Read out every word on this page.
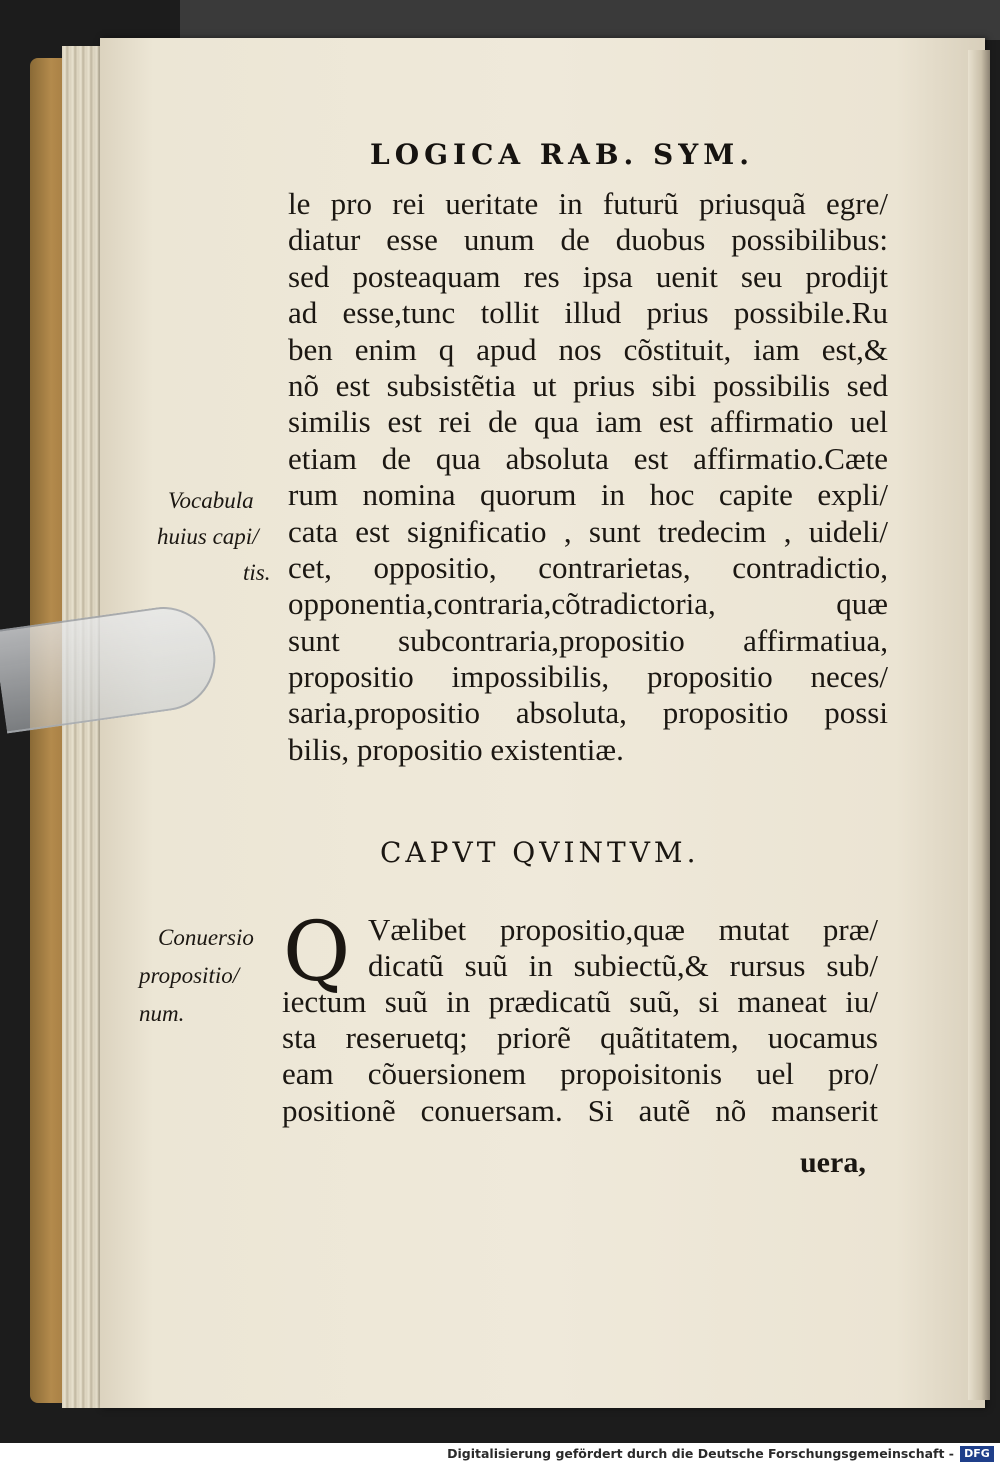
LOGICA RAB. SYM.
le pro rei ueritate in futurũ priusquã egre/
diatur esse unum de duobus possibilibus:
sed posteaquam res ipsa uenit seu prodijt
ad esse,tunc tollit illud prius possibile.Ru
ben enim q apud nos cõstituit, iam est,&
nõ est subsistẽtia ut prius sibi possibilis sed
similis est rei de qua iam est affirmatio uel
etiam de qua absoluta est affirmatio.Cæte
rum nomina quorum in hoc capite expli/
cata est significatio , sunt tredecim , uideli/
cet, oppositio, contrarietas, contradictio,
opponentia,contraria,cõtradictoria, quæ
sunt subcontraria,propositio affirmatiua,
propositio impossibilis, propositio neces/
saria,propositio absoluta, propositio possi
bilis, propositio existentiæ.
Vocabula
huius capi/
tis.
CAPVT QVINTVM.
Q Vælibet propositio,quæ mutat præ/
dicatũ suũ in subiectũ,& rursus sub/
iectum suũ in prædicatũ suũ, si maneat iu/
sta reseruetq; priorẽ quãtitatem, uocamus
eam cõuersionem propoisitonis uel pro/
positionẽ conuersam. Si autẽ nõ manserit
Conuersio
propositio/
num.
uera,
Digitalisierung gefördert durch die Deutsche Forschungsgemeinschaft - DFG
